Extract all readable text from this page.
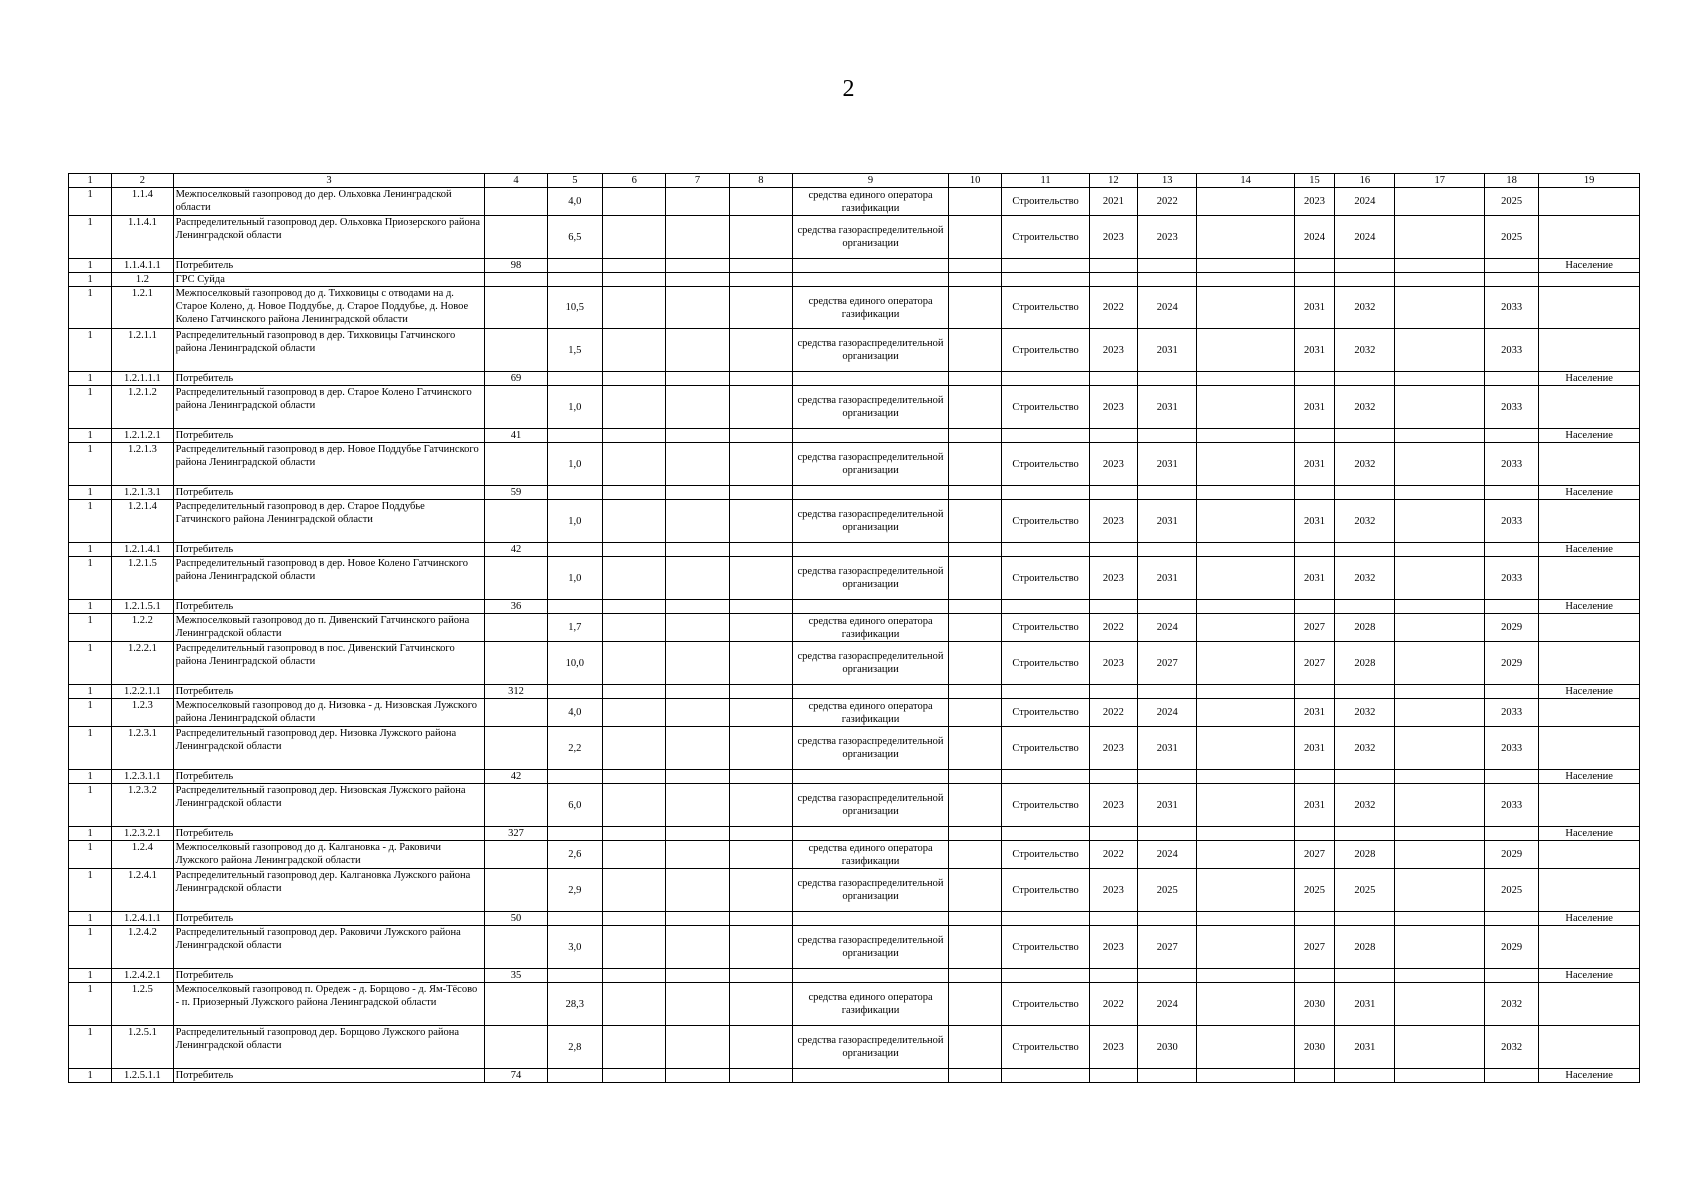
2
1	2	3	4	5	6	7	8	9	10	11	12	13	14	15	16	17	18	19
1	1.1.4	Межпоселковый газопровод до дер. Ольховка Ленинградской области		4,0				средства единого оператора газификации		Строительство	2021	2022		2023	2024		2025	
1	1.1.4.1	Распределительный газопровод дер. Ольховка Приозерского района Ленинградской области		6,5				средства газораспределительной организации		Строительство	2023	2023		2024	2024		2025	
1	1.1.4.1.1	Потребитель	98															Население
1	1.2	ГРС Суйда																
1	1.2.1	Межпоселковый газопровод до д. Тихковицы с отводами на д. Старое Колено, д. Новое Поддубье, д. Старое Поддубье, д. Новое Колено Гатчинского района Ленинградской области		10,5				средства единого оператора газификации		Строительство	2022	2024		2031	2032		2033	
1	1.2.1.1	Распределительный газопровод в дер. Тихковицы Гатчинского района Ленинградской области		1,5				средства газораспределительной организации		Строительство	2023	2031		2031	2032		2033	
1	1.2.1.1.1	Потребитель	69															Население
1	1.2.1.2	Распределительный газопровод в дер. Старое Колено Гатчинского района Ленинградской области		1,0				средства газораспределительной организации		Строительство	2023	2031		2031	2032		2033	
1	1.2.1.2.1	Потребитель	41															Население
1	1.2.1.3	Распределительный газопровод в дер. Новое Поддубье Гатчинского района Ленинградской области		1,0				средства газораспределительной организации		Строительство	2023	2031		2031	2032		2033	
1	1.2.1.3.1	Потребитель	59															Население
1	1.2.1.4	Распределительный газопровод в дер. Старое Поддубье Гатчинского района Ленинградской области		1,0				средства газораспределительной организации		Строительство	2023	2031		2031	2032		2033	
1	1.2.1.4.1	Потребитель	42															Население
1	1.2.1.5	Распределительный газопровод в дер. Новое Колено Гатчинского района Ленинградской области		1,0				средства газораспределительной организации		Строительство	2023	2031		2031	2032		2033	
1	1.2.1.5.1	Потребитель	36															Население
1	1.2.2	Межпоселковый газопровод до п. Дивенский Гатчинского района Ленинградской области		1,7				средства единого оператора газификации		Строительство	2022	2024		2027	2028		2029	
1	1.2.2.1	Распределительный газопровод в пос. Дивенский Гатчинского района Ленинградской области		10,0				средства газораспределительной организации		Строительство	2023	2027		2027	2028		2029	
1	1.2.2.1.1	Потребитель	312															Население
1	1.2.3	Межпоселковый газопровод до д. Низовка - д. Низовская Лужского района Ленинградской области		4,0				средства единого оператора газификации		Строительство	2022	2024		2031	2032		2033	
1	1.2.3.1	Распределительный газопровод дер. Низовка Лужского района Ленинградской области		2,2				средства газораспределительной организации		Строительство	2023	2031		2031	2032		2033	
1	1.2.3.1.1	Потребитель	42															Население
1	1.2.3.2	Распределительный газопровод дер. Низовская Лужского района Ленинградской области		6,0				средства газораспределительной организации		Строительство	2023	2031		2031	2032		2033	
1	1.2.3.2.1	Потребитель	327															Население
1	1.2.4	Межпоселковый газопровод до д. Калгановка - д. Раковичи Лужского района Ленинградской области		2,6				средства единого оператора газификации		Строительство	2022	2024		2027	2028		2029	
1	1.2.4.1	Распределительный газопровод дер. Калгановка Лужского района Ленинградской области		2,9				средства газораспределительной организации		Строительство	2023	2025		2025	2025		2025	
1	1.2.4.1.1	Потребитель	50															Население
1	1.2.4.2	Распределительный газопровод дер. Раковичи Лужского района Ленинградской области		3,0				средства газораспределительной организации		Строительство	2023	2027		2027	2028		2029	
1	1.2.4.2.1	Потребитель	35															Население
1	1.2.5	Межпоселковый газопровод п. Оредеж - д. Борщово - д. Ям-Тёсово - п. Приозерный Лужского района Ленинградской области		28,3				средства единого оператора газификации		Строительство	2022	2024		2030	2031		2032	
1	1.2.5.1	Распределительный газопровод дер. Борщово Лужского района Ленинградской области		2,8				средства газораспределительной организации		Строительство	2023	2030		2030	2031		2032	
1	1.2.5.1.1	Потребитель	74															Население
